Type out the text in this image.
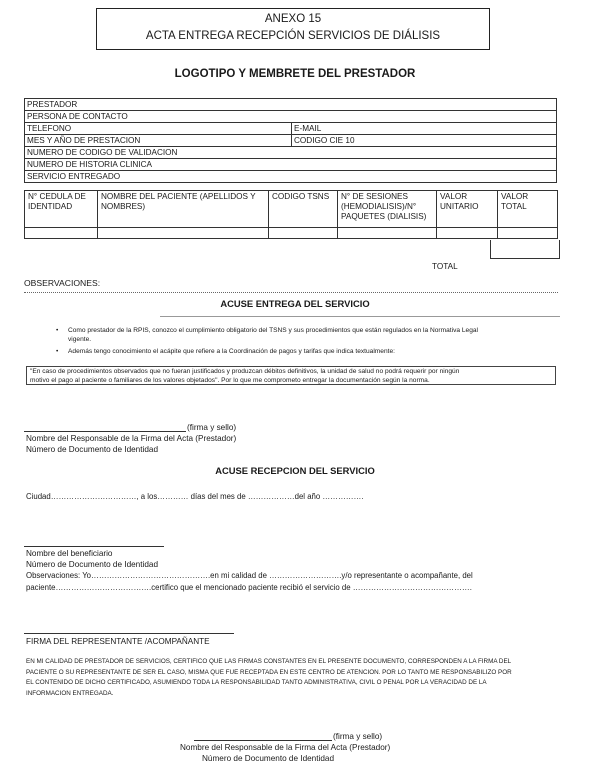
ANEXO 15
ACTA ENTREGA RECEPCIÓN SERVICIOS DE DIÁLISIS
LOGOTIPO Y MEMBRETE DEL PRESTADOR
PRESTADOR	
PERSONA DE CONTACTO	
TELEFONO	E-MAIL
MES Y AÑO DE PRESTACION	CODIGO CIE 10
NUMERO DE CODIGO DE VALIDACION	
NUMERO DE HISTORIA CLINICA	
SERVICIO ENTREGADO	
N° CEDULA DE IDENTIDAD	NOMBRE DEL PACIENTE (APELLIDOS Y NOMBRES)	CODIGO TSNS	N° DE SESIONES (HEMODIALISIS)/N° PAQUETES (DIALISIS)	VALOR UNITARIO	VALOR TOTAL

TOTAL
OBSERVACIONES:
ACUSE ENTREGA DEL SERVICIO
• Como prestador de la RPIS, conozco el cumplimiento obligatorio del TSNS y sus procedimientos que están regulados en la Normativa Legal
vigente.
• Además tengo conocimiento el acápite que refiere a la Coordinación de pagos y tarifas que indica textualmente:
"En caso de procedimientos observados que no fueran justificados y produzcan débitos definitivos, la unidad de salud no podrá requerir por ningún
motivo el pago al paciente o familiares de los valores objetados". Por lo que me comprometo entregar la documentación según la norma.
(firma y sello)
Nombre del Responsable de la Firma del Acta (Prestador)
Número de Documento de Identidad
ACUSE RECEPCION DEL SERVICIO
Ciudad……………………………, a los………… días del mes de ………………del año …………….
Nombre del beneficiario
Número de Documento de Identidad
Observaciones: Yo……………………………………….en mi calidad de ……………………….y/o representante o acompañante, del
paciente……………………………….certifico que el mencionado paciente recibió el servicio de ……………………………………….
FIRMA DEL REPRESENTANTE /ACOMPAÑANTE
EN MI CALIDAD DE PRESTADOR DE SERVICIOS, CERTIFICO QUE LAS FIRMAS CONSTANTES EN EL PRESENTE DOCUMENTO, CORRESPONDEN A LA FIRMA DEL
PACIENTE O SU REPRESENTANTE DE SER EL CASO, MISMA QUE FUE RECEPTADA EN ESTE CENTRO DE ATENCION. POR LO TANTO ME RESPONSABILIZO POR
EL CONTENIDO DE DICHO CERTIFICADO, ASUMIENDO TODA LA RESPONSABILIDAD TANTO ADMINISTRATIVA, CIVIL O PENAL POR LA VERACIDAD DE LA
INFORMACION ENTREGADA.
(firma y sello)
Nombre del Responsable de la Firma del Acta (Prestador)
Número de Documento de Identidad
